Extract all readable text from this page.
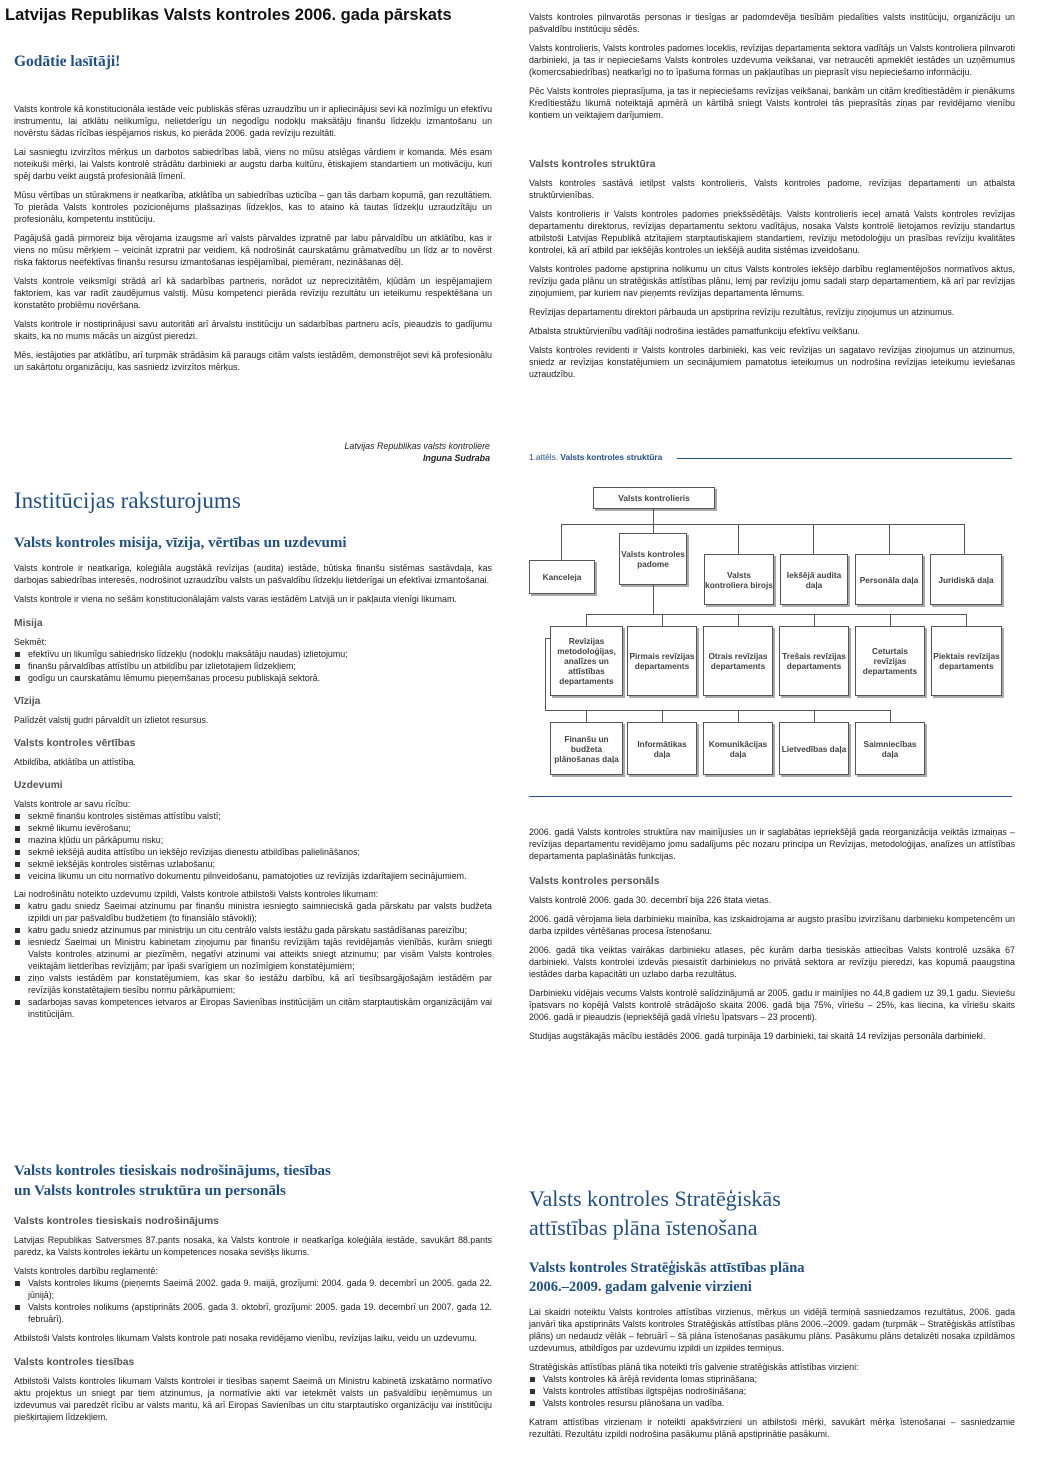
Latvijas Republikas Valsts kontroles 2006. gada pārskats
Godātie lasītāji!

Valsts kontrole kā konstitucionāla iestāde veic publiskās sfēras uzraudzību un ir apliecinājusi sevi kā nozīmīgu un efektīvu instrumentu, lai atklātu nelikumīgu, nelietderīgu un negodīgu nodokļu maksātāju finanšu līdzekļu izmantošanu un novērstu šādas rīcības iespējamos riskus, ko pierāda 2006. gada revīziju rezultāti.

Lai sasniegtu izvirzītos mērķus un darbotos sabiedrības labā, viens no mūsu atslēgas vārdiem ir komanda. Mēs esam noteikuši mērķi, lai Valsts kontrolē strādātu darbinieki ar augstu darba kultūru, ētiskajiem standartiem un motivāciju, kuri spēj darbu veikt augstā profesionālā līmenī.

Mūsu vērtības un stūrakmens ir neatkarība, atklātība un sabiedrības uzticība – gan tās darbam kopumā, gan rezultātiem. To pierāda Valsts kontroles pozicionējums plašsaziņas līdzekļos, kas to ataino kā tautas līdzekļu uzraudzītāju un profesionālu, kompetentu institūciju.

Pagājušā gadā pirmoreiz bija vērojama izaugsme arī valsts pārvaldes izpratnē par labu pārvaldību un atklātību, kas ir viens no mūsu mērķiem – veicināt izpratni par veidiem, kā nodrošināt caurskatāmu grāmatvedību un līdz ar to novērst riska faktorus neefektīvas finanšu resursu izmantošanas iespējamībai, piemēram, nezināšanas dēļ.

Valsts kontrole veiksmīgi strādā arī kā sadarbības partneris, norādot uz neprecizitātēm, kļūdām un iespējamajiem faktoriem, kas var radīt zaudējumus valstij. Mūsu kompetenci pierāda revīziju rezultātu un ieteikumu respektēšana un konstatēto problēmu novēršana.

Valsts kontrole ir nostiprinājusi savu autoritāti arī ārvalstu institūciju un sadarbības partneru acīs, pieaudzis to gadījumu skaits, ka no mums mācās un aizgūst pieredzi.

Mēs, iestājoties par atklātību, arī turpmāk strādāsim kā paraugs citām valsts iestādēm, demonstrējot sevi kā profesionālu un sakārtotu organizāciju, kas sasniedz izvirzītos mērķus.

Latvijas Republikas valsts kontroliere
Inguna Sudraba
Institūcijas raksturojums
Valsts kontroles misija, vīzija, vērtības un uzdevumi

Valsts kontrole ir neatkarīga, koleģiāla augstākā revīzijas (audita) iestāde, būtiska finanšu sistēmas sastāvdaļa, kas darbojas sabiedrības interesēs, nodrošinot uzraudzību valsts un pašvaldību līdzekļu lietderīgai un efektīvai izmantošanai.

Valsts kontrole ir viena no sešām konstitucionālajām valsts varas iestādēm Latvijā un ir pakļauta vienīgi likumam.

Misija

Sekmēt:

efektīvu un likumīgu sabiedrisko līdzekļu (nodokļu maksātāju naudas) izlietojumu;
finanšu pārvaldības attīstību un atbildību par izlietotajiem līdzekļiem;
godīgu un caurskatāmu lēmumu pieņemšanas procesu publiskajā sektorā.
Vīzija

Palīdzēt valstij gudri pārvaldīt un izlietot resursus.

Valsts kontroles vērtības

Atbildība, atklātība un attīstība.

Uzdevumi

Valsts kontrole ar savu rīcību:

sekmē finanšu kontroles sistēmas attīstību valstī;
sekmē likumu ievērošanu;
mazina kļūdu un pārkāpumu risku;
sekmē iekšējā audita attīstību un iekšējo revīzijas dienestu atbildības palielināšanos;
sekmē iekšējās kontroles sistēmas uzlabošanu;
veicina likumu un citu normatīvo dokumentu pilnveidošanu, pamatojoties uz revīzijās izdarītajiem secinājumiem.

Lai nodrošinātu noteikto uzdevumu izpildi, Valsts kontrole atbilstoši Valsts kontroles likumam:

katru gadu sniedz Saeimai atzinumu par finanšu ministra iesniegto saimnieciskā gada pārskatu par valsts budžeta izpildi un par pašvaldību budžetiem (to finansiālo stāvokli);
katru gadu sniedz atzinumus par ministriju un citu centrālo valsts iestāžu gada pārskatu sastādīšanas pareizību;
iesniedz Saeimai un Ministru kabinetam ziņojumu par finanšu revīzijām tajās revidējamās vienībās, kurām sniegti Valsts kontroles atzinumi ar piezīmēm, negatīvi atzinumi vai atteikts sniegt atzinumu; par visām Valsts kontroles veiktajām lietderības revīzijām; par īpaši svarīgiem un nozīmīgiem konstatējumiem;
ziņo valsts iestādēm par konstatējumiem, kas skar šo iestāžu darbību, kā arī tiesībsargājošajām iestādēm par revīzijās konstatētajiem tiesību normu pārkāpumiem;
sadarbojas savas kompetences ietvaros ar Eiropas Savienības institūcijām un citām starptautiskām organizācijām vai institūcijām.
Valsts kontroles tiesiskais nodrošinājums, tiesības
un Valsts kontroles struktūra un personāls
Valsts kontroles tiesiskais nodrošinājums

Latvijas Republikas Satversmes 87.pants nosaka, ka Valsts kontrole ir neatkarīga koleģiāla iestāde, savukārt 88.pants paredz, ka Valsts kontroles iekārtu un kompetences nosaka sevišķs likums.

Valsts kontroles darbību reglamentē:

Valsts kontroles likums (pieņemts Saeimā 2002. gada 9. maijā, grozījumi: 2004. gada 9. decembrī un 2005. gada 22. jūnijā);
Valsts kontroles nolikums (apstiprināts 2005. gada 3. oktobrī, grozījumi: 2005. gada 19. decembrī un 2007. gada 12. februārī).

Atbilstoši Valsts kontroles likumam Valsts kontrole pati nosaka revidējamo vienību, revīzijas laiku, veidu un uzdevumu.

Valsts kontroles tiesības

Atbilstoši Valsts kontroles likumam Valsts kontrolei ir tiesības saņemt Saeimā un Ministru kabinetā izskatāmo normatīvo aktu projektus un sniegt par tiem atzinumus, ja normatīvie akti var ietekmēt valsts un pašvaldību ieņēmumus un izdevumus vai paredzēt rīcību ar valsts mantu, kā arī Eiropas Savienības un citu starptautisko organizāciju vai institūciju piešķirtajiem līdzekļiem.

Valsts kontroles pilnvarotās personas ir tiesīgas ar padomdevēja tiesībām piedalīties valsts institūciju, organizāciju un pašvaldību institūciju sēdēs.

Valsts kontrolieris, Valsts kontroles padomes loceklis, revīzijas departamenta sektora vadītājs un Valsts kontroliera pilnvaroti darbinieki, ja tas ir nepieciešams Valsts kontroles uzdevuma veikšanai, var netraucēti apmeklēt iestādes un uzņēmumus (komercsabiedrības) neatkarīgi no to īpašuma formas un pakļautības un pieprasīt visu nepieciešamo informāciju.

Pēc Valsts kontroles pieprasījuma, ja tas ir nepieciešams revīzijas veikšanai, bankām un citām kredītiestādēm ir pienākums Kredītiestāžu likumā noteiktajā apmērā un kārtībā sniegt Valsts kontrolei tās pieprasītās ziņas par revidējamo vienību kontiem un veiktajiem darījumiem.

Valsts kontroles struktūra

Valsts kontroles sastāvā ietilpst valsts kontrolieris, Valsts kontroles padome, revīzijas departamenti un atbalsta struktūrvienības.

Valsts kontrolieris ir Valsts kontroles padomes priekšsēdētājs. Valsts kontrolieris ieceļ amatā Valsts kontroles revīzijas departamentu direktorus, revīzijas departamentu sektoru vadītājus, nosaka Valsts kontrolē lietojamos revīziju standartus atbilstoši Latvijas Republikā atzītajiem starptautiskajiem standartiem, revīziju metodoloģiju un prasības revīziju kvalitātes kontrolei, kā arī atbild par iekšējās kontroles un iekšējā audita sistēmas izveidošanu.

Valsts kontroles padome apstiprina nolikumu un citus Valsts kontroles iekšējo darbību reglamentējošos normatīvos aktus, revīziju gada plānu un stratēģiskās attīstības plānu, lemj par revīziju jomu sadali starp departamentiem, kā arī par revīzijas ziņojumiem, par kuriem nav pieņemts revīzijas departamenta lēmums.

Revīzijas departamentu direktori pārbauda un apstiprina revīziju rezultātus, revīziju ziņojumus un atzinumus.

Atbalsta struktūrvienību vadītāji nodrošina iestādes pamatfunkciju efektīvu veikšanu.

Valsts kontroles revidenti ir Valsts kontroles darbinieki, kas veic revīzijas un sagatavo revīzijas ziņojumus un atzinumus, sniedz ar revīzijas konstatējumiem un secinājumiem pamatotus ieteikumus un nodrošina revīzijas ieteikumu ieviešanas uzraudzību.

1.attēls. Valsts kontroles struktūra
Valsts kontrolieris
Kanceleja
Valsts kontroles padome
Valsts kontroliera birojs
Iekšējā audita daļa	Personāla daļa	Juridiskā daļa
Revīzijas metodoloģijas, analīzes un attīstības departaments
Pirmais revīzijas departaments
Otrais revīzijas departaments
Trešais revīzijas departaments
Ceturtais revīzijas departaments
Piektais revīzijas departaments
Finanšu un budžeta plānošanas daļa
Informātikas daļa
Komunikācijas daļa	Lietvedības daļa	Saimniecības daļa

2006. gadā Valsts kontroles struktūra nav mainījusies un ir saglabātas iepriekšējā gada reorganizācija veiktās izmaiņas – revīzijas departamentu revidējamo jomu sadalījums pēc nozaru principa un Revīzijas, metodoloģijas, analīzes un attīstības departamenta paplašinātās funkcijas.

Valsts kontroles personāls

Valsts kontrolē 2006. gada 30. decembrī bija 226 štata vietas.

2006. gadā vērojama liela darbinieku mainība, kas izskaidrojama ar augsto prasību izvirzīšanu darbinieku kompetencēm un darba izpildes vērtēšanas procesa īstenošanu.

2006. gadā tika veiktas vairākas darbinieku atlases, pēc kurām darba tiesiskās attiecības Valsts kontrolē uzsāka 67 darbinieki. Valsts kontrolei izdevās piesaistīt darbiniekus no privātā sektora ar revīziju pieredzi, kas kopumā paaugstina iestādes darba kapacitāti un uzlabo darba rezultātus.

Darbinieku vidējais vecums Valsts kontrolē salīdzinājumā ar 2005. gadu ir mainījies no 44,8 gadiem uz 39,1 gadu. Sieviešu īpatsvars no kopējā Valsts kontrolē strādājošo skaita 2006. gadā bija 75%, vīriešu – 25%, kas liecina, ka vīriešu skaits 2006. gadā ir pieaudzis (iepriekšējā gadā vīriešu īpatsvars – 23 procenti).

Studijas augstākajās mācību iestādēs 2006. gadā turpināja 19 darbinieki, tai skaitā 14 revīzijas personāla darbinieki.

Valsts kontroles Stratēģiskās
attīstības plāna īstenošana
Valsts kontroles Stratēģiskās attīstības plāna
2006.–2009. gadam galvenie virzieni

Lai skaidri noteiktu Valsts kontroles attīstības virzienus, mērķus un vidējā termiņā sasniedzamos rezultātus, 2006. gada janvārī tika apstiprināts Valsts kontroles Stratēģiskās attīstības plāns 2006.–2009. gadam (turpmāk – Stratēģiskās attīstības plāns) un nedaudz vēlāk – februārī – šā plāna īstenošanas pasākumu plāns. Pasākumu plāns detalizēti nosaka izpildāmos uzdevumus, atbildīgos par uzdevumu izpildi un izpildes termiņus.

Stratēģiskās attīstības plānā tika noteikti trīs galvenie stratēģiskās attīstības virzieni:

Valsts kontroles kā ārējā revidenta lomas stiprināšana;
Valsts kontroles attīstības ilgtspējas nodrošināšana;
Valsts kontroles resursu plānošana un vadība.

Katram attīstības virzienam ir noteikti apakšvirzieni un atbilstoši mērķi, savukārt mērķa īstenošanai – sasniedzamie rezultāti. Rezultātu izpildi nodrošina pasākumu plānā apstiprinātie pasākumi.
